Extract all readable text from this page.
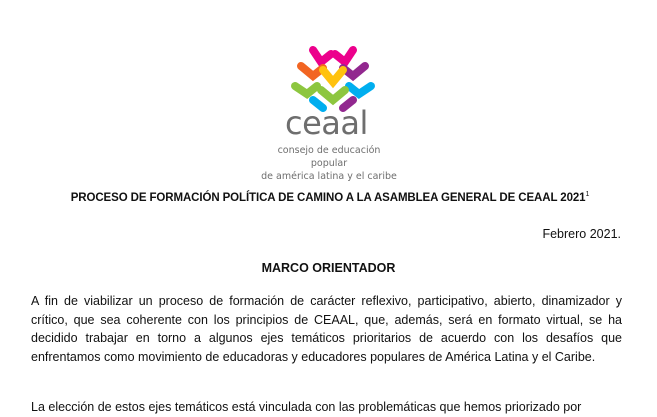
ceaal
consejo de educación popular
de américa latina y el caribe
PROCESO DE FORMACIÓN POLÍTICA DE CAMINO A LA ASAMBLEA GENERAL DE CEAAL 2021$^1$
Febrero 2021.
MARCO ORIENTADOR
A fin de viabilizar un proceso de formación de carácter reflexivo, participativo, abierto, dinamizador y crítico, que sea coherente con los principios de CEAAL, que, además, será en formato virtual, se ha decidido trabajar en torno a algunos ejes temáticos prioritarios de acuerdo con los desafíos que enfrentamos como movimiento de educadoras y educadores populares de América Latina y el Caribe.
La elección de estos ejes temáticos está vinculada con las problemáticas que hemos priorizado por
